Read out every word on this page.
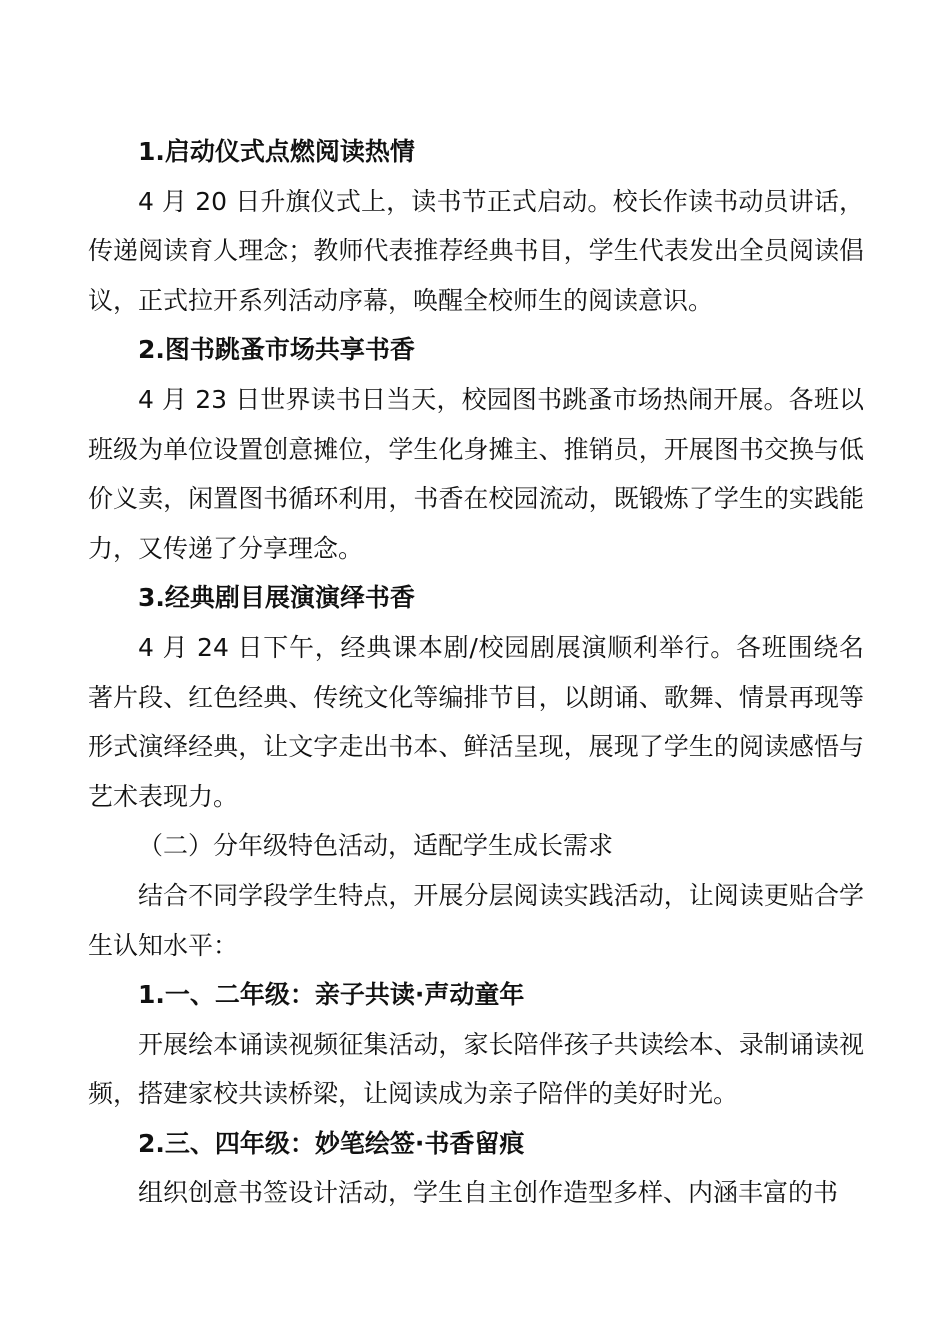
1.启动仪式点燃阅读热情

4 月 20 日升旗仪式上，读书节正式启动。校长作读书动员讲话，传递阅读育人理念；教师代表推荐经典书目，学生代表发出全员阅读倡议，正式拉开系列活动序幕，唤醒全校师生的阅读意识。

2.图书跳蚤市场共享书香

4 月 23 日世界读书日当天，校园图书跳蚤市场热闹开展。各班以班级为单位设置创意摊位，学生化身摊主、推销员，开展图书交换与低价义卖，闲置图书循环利用，书香在校园流动，既锻炼了学生的实践能力，又传递了分享理念。

3.经典剧目展演演绎书香

4 月 24 日下午，经典课本剧/校园剧展演顺利举行。各班围绕名著片段、红色经典、传统文化等编排节目，以朗诵、歌舞、情景再现等形式演绎经典，让文字走出书本、鲜活呈现，展现了学生的阅读感悟与艺术表现力。

（二）分年级特色活动，适配学生成长需求

结合不同学段学生特点，开展分层阅读实践活动，让阅读更贴合学生认知水平：

1.一、二年级：亲子共读·声动童年

开展绘本诵读视频征集活动，家长陪伴孩子共读绘本、录制诵读视频，搭建家校共读桥梁，让阅读成为亲子陪伴的美好时光。

2.三、四年级：妙笔绘签·书香留痕

组织创意书签设计活动，学生自主创作造型多样、内涵丰富的书
